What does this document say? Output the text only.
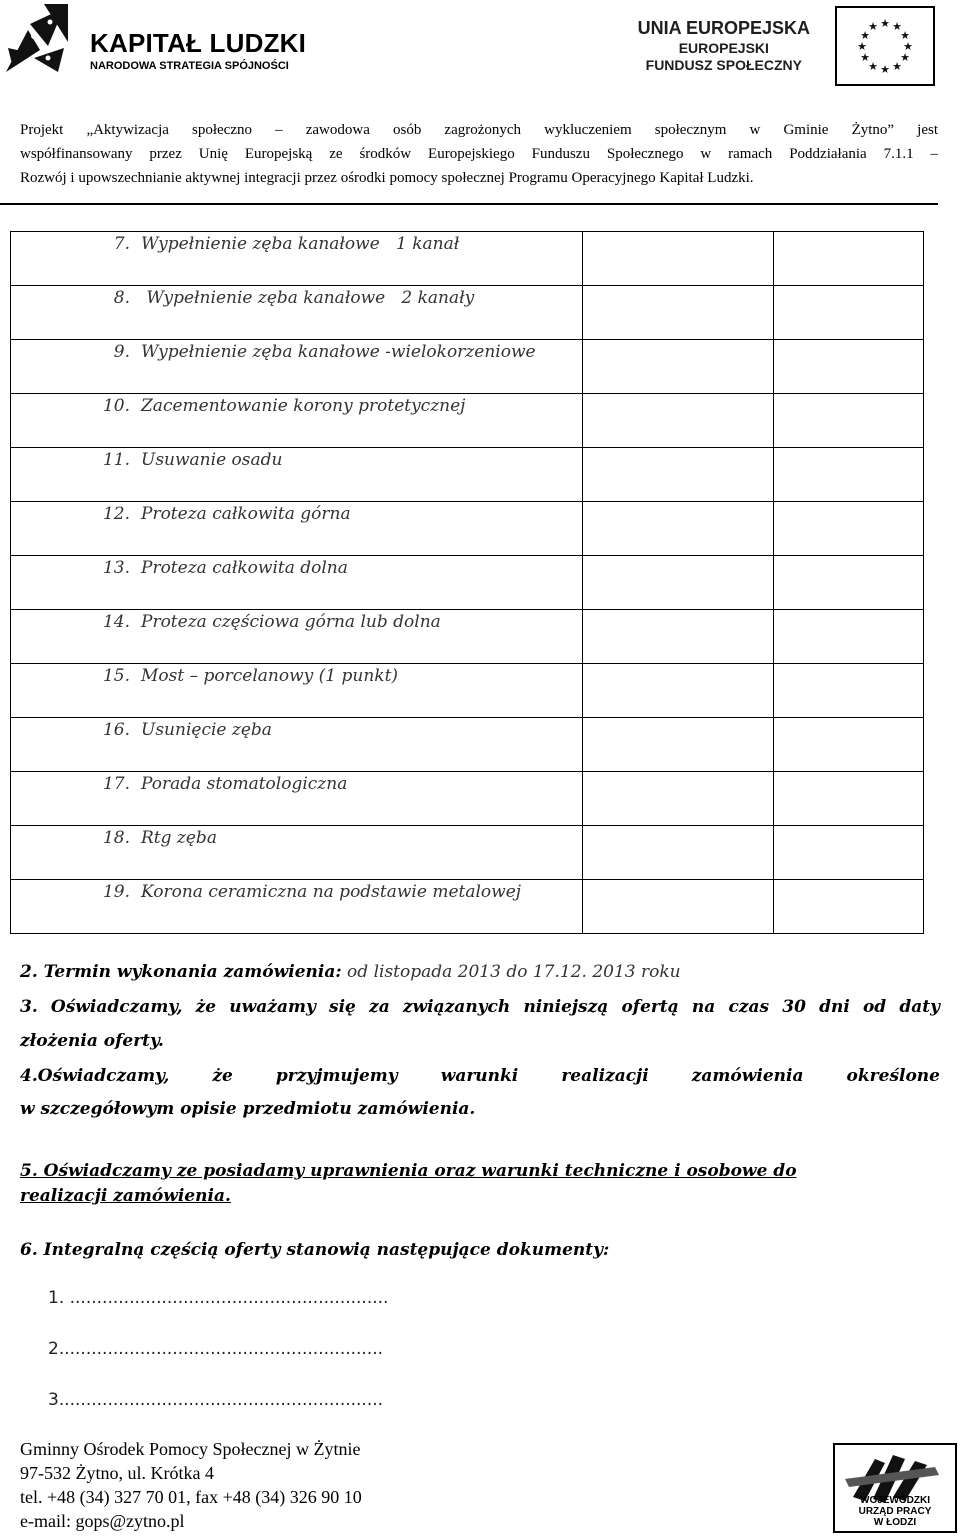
KAPITAŁ LUDZKI
NARODOWA STRATEGIA SPÓJNOŚCI
UNIA EUROPEJSKA
EUROPEJSKI
FUNDUSZ SPOŁECZNY
★ ★
★
★
★
★
★
★
★
★
★
★
Projekt „Aktywizacja społeczno – zawodowa osób zagrożonych wykluczeniem społecznym w Gminie Żytno” jest
współfinansowany przez Unię Europejską ze środków Europejskiego Funduszu Społecznego w ramach Poddziałania 7.1.1 –
Rozwój i upowszechnianie aktywnej integracji przez ośrodki pomocy społecznej Programu Operacyjnego Kapitał Ludzki.
7. Wypełnienie zęba kanałowe   1 kanał		

8. Wypełnienie zęba kanałowe   2 kanały		

9. Wypełnienie zęba kanałowe -wielokorzeniowe		

10. Zacementowanie korony protetycznej		

11. Usuwanie osadu		

12. Proteza całkowita górna		

13. Proteza całkowita dolna		

14. Proteza częściowa górna lub dolna		

15. Most – porcelanowy (1 punkt)		

16. Usunięcie zęba		

17. Porada stomatologiczna		

18. Rtg zęba		

19. Korona ceramiczna na podstawie metalowej		

2. Termin wykonania zamówienia: od listopada 2013 do 17.12. 2013 roku
3. Oświadczamy, że uważamy się za związanych niniejszą ofertą na czas 30 dni od daty
złożenia oferty.
4.Oświadczamy, że przyjmujemy warunki realizacji zamówienia określone
w szczegółowym opisie przedmiotu zamówienia.
5. Oświadczamy ze posiadamy uprawnienia oraz warunki techniczne i osobowe do
realizacji zamówienia.
6. Integralną częścią oferty stanowią następujące dokumenty:
1. ...........................................................
2............................................................
3............................................................
Gminny Ośrodek Pomocy Społecznej w Żytnie
97-532 Żytno, ul. Krótka 4
tel. +48 (34) 327 70 01, fax +48 (34) 326 90 10
e-mail: gops@zytno.pl
WOJEWÓDZKI
URZĄD PRACY
W ŁODZI
